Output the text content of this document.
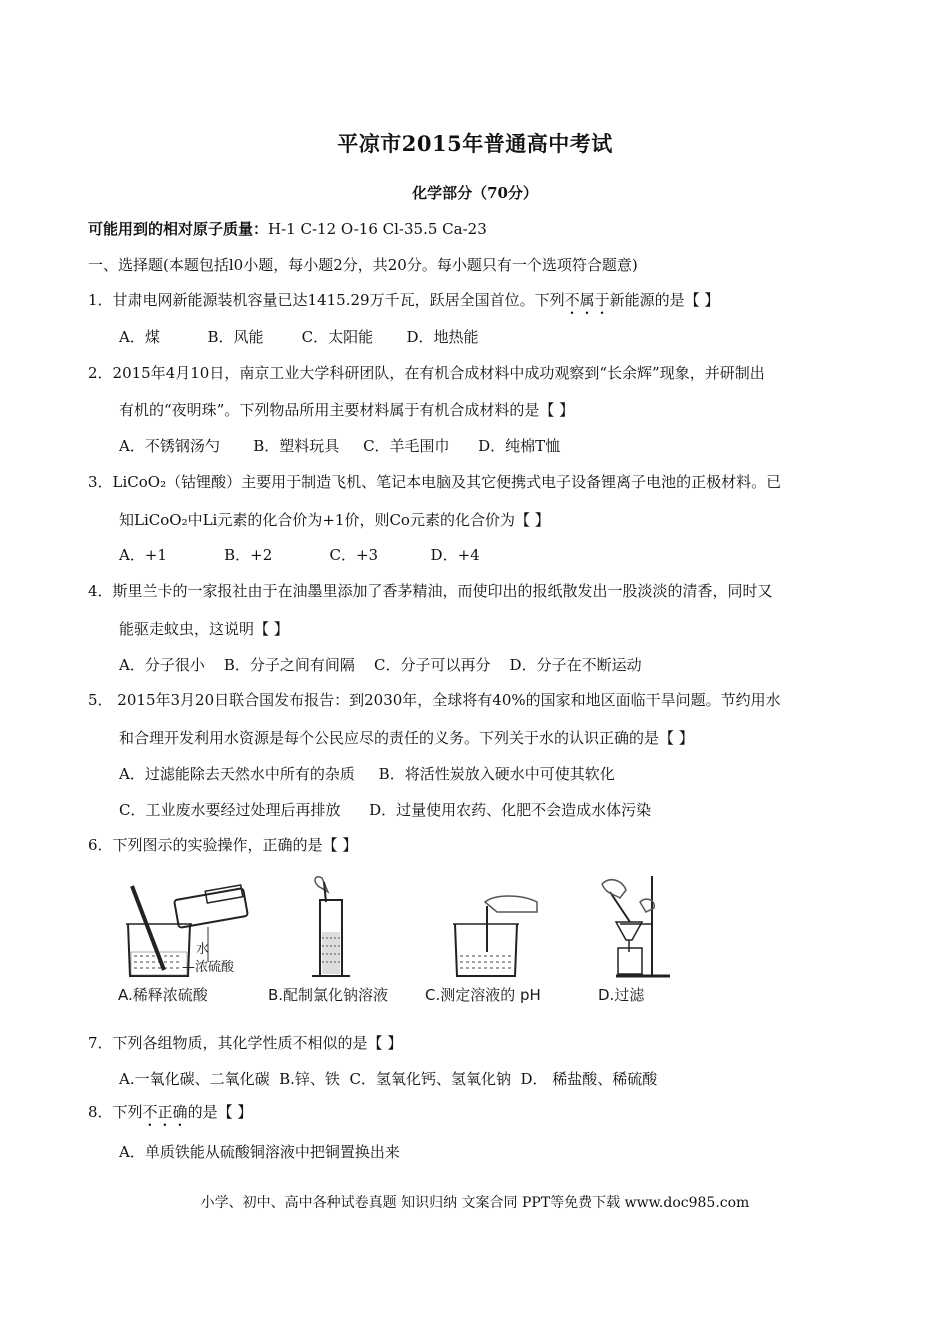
平凉市2015年普通高中考试
化学部分（70分）
可能用到的相对原子质量：H-1 C-12 O-16 Cl-35.5 Ca-23
一、选择题(本题包括l0小题，每小题2分，共20分。每小题只有一个选项符合题意)
1．甘肃电网新能源装机容量已达1415.29万千瓦，跃居全国首位。下列不属于新能源的是【 】
A．煤          B．风能        C．太阳能       D．地热能
2．2015年4月10日，南京工业大学科研团队，在有机合成材料中成功观察到“长余辉”现象，并研制出
有机的“夜明珠”。下列物品所用主要材料属于有机合成材料的是【 】
A．不锈钢汤勺       B．塑料玩具     C．羊毛围巾      D．纯棉T恤
3．LiCoO₂（钴锂酸）主要用于制造飞机、笔记本电脑及其它便携式电子设备锂离子电池的正极材料。已
知LiCoO₂中Li元素的化合价为+1价，则Co元素的化合价为【 】
A．+1            B．+2            C．+3           D．+4
4．斯里兰卡的一家报社由于在油墨里添加了香茅精油，而使印出的报纸散发出一股淡淡的清香，同时又
能驱走蚊虫，这说明【 】
A．分子很小    B．分子之间有间隔    C．分子可以再分    D．分子在不断运动
5． 2015年3月20日联合国发布报告：到2030年，全球将有40%的国家和地区面临干旱问题。节约用水
和合理开发利用水资源是每个公民应尽的责任的义务。下列关于水的认识正确的是【 】
A．过滤能除去天然水中所有的杂质     B．将活性炭放入硬水中可使其软化
C．工业废水要经过处理后再排放      D．过量使用农药、化肥不会造成水体污染
6．下列图示的实验操作，正确的是【 】
水
—浓硫酸
A.稀释浓硫酸	B.配制氯化钠溶液 C.测定溶液的 pH	D.过滤
7．下列各组物质，其化学性质不相似的是【 】
A.一氧化碳、二氧化碳  B.锌、铁  C．氢氧化钙、氢氧化钠  D． 稀盐酸、稀硫酸
8．下列不正确的是【 】
A．单质铁能从硫酸铜溶液中把铜置换出来
小学、初中、高中各种试卷真题 知识归纳 文案合同 PPT等免费下载 www.doc985.com
